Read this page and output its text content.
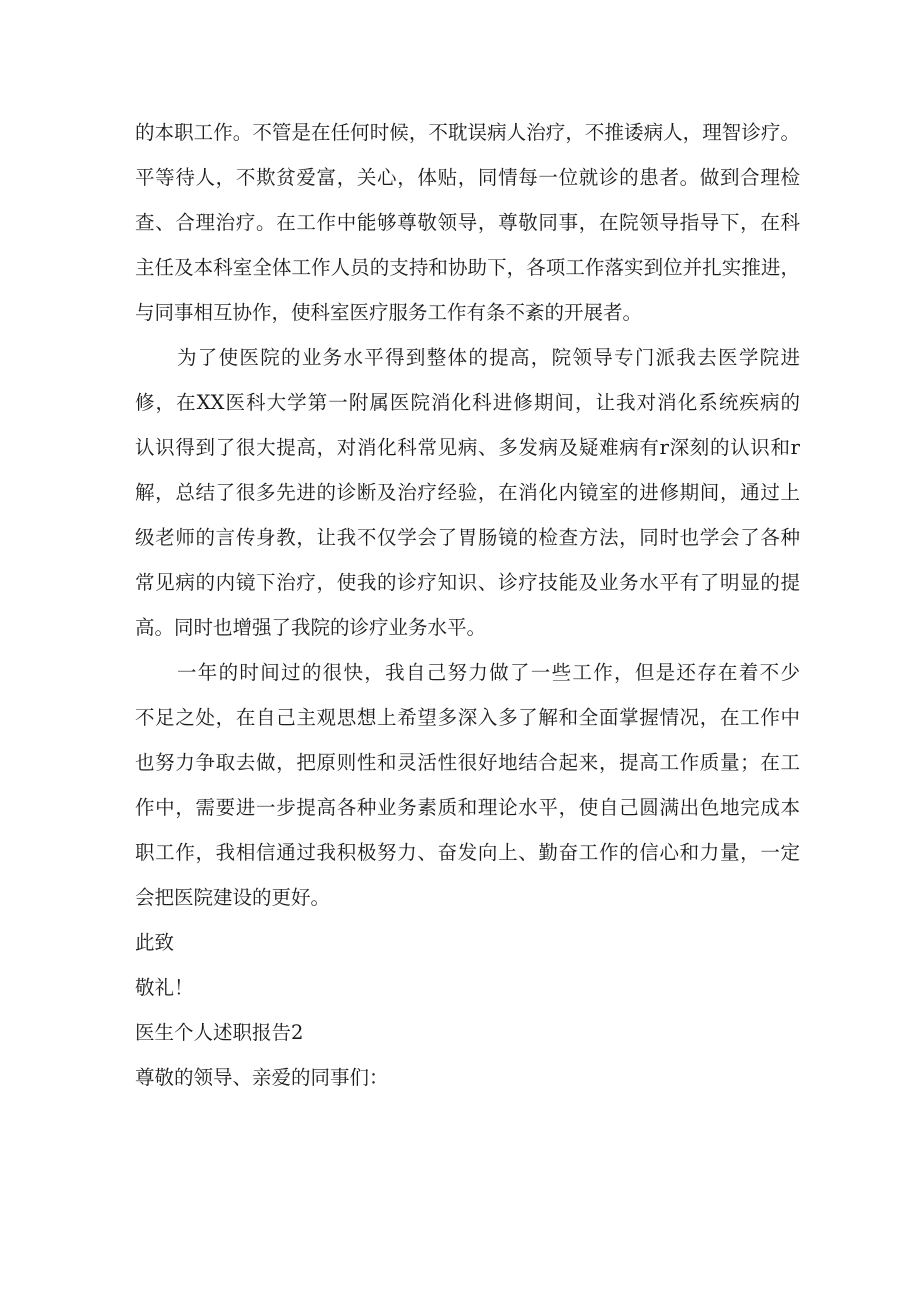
的本职工作。不管是在任何时候，不耽误病人治疗，不推诿病人，理智诊疗。
平等待人，不欺贫爱富，关心，体贴，同情每一位就诊的患者。做到合理检
查、合理治疗。在工作中能够尊敬领导，尊敬同事，在院领导指导下，在科
主任及本科室全体工作人员的支持和协助下，各项工作落实到位并扎实推进，
与同事相互协作，使科室医疗服务工作有条不紊的开展者。
为了使医院的业务水平得到整体的提高，院领导专门派我去医学院进
修，在XX医科大学第一附属医院消化科进修期间，让我对消化系统疾病的
认识得到了很大提高，对消化科常见病、多发病及疑难病有r深刻的认识和r
解，总结了很多先进的诊断及治疗经验，在消化内镜室的进修期间，通过上
级老师的言传身教，让我不仅学会了胃肠镜的检查方法，同时也学会了各种
常见病的内镜下治疗，使我的诊疗知识、诊疗技能及业务水平有了明显的提
高。同时也增强了我院的诊疗业务水平。
一年的时间过的很快，我自己努力做了一些工作，但是还存在着不少
不足之处，在自己主观思想上希望多深入多了解和全面掌握情况，在工作中
也努力争取去做，把原则性和灵活性很好地结合起来，提高工作质量；在工
作中，需要进一步提高各种业务素质和理论水平，使自己圆满出色地完成本
职工作，我相信通过我积极努力、奋发向上、勤奋工作的信心和力量，一定
会把医院建设的更好。
此致
敬礼！
医生个人述职报告2
尊敬的领导、亲爱的同事们：
